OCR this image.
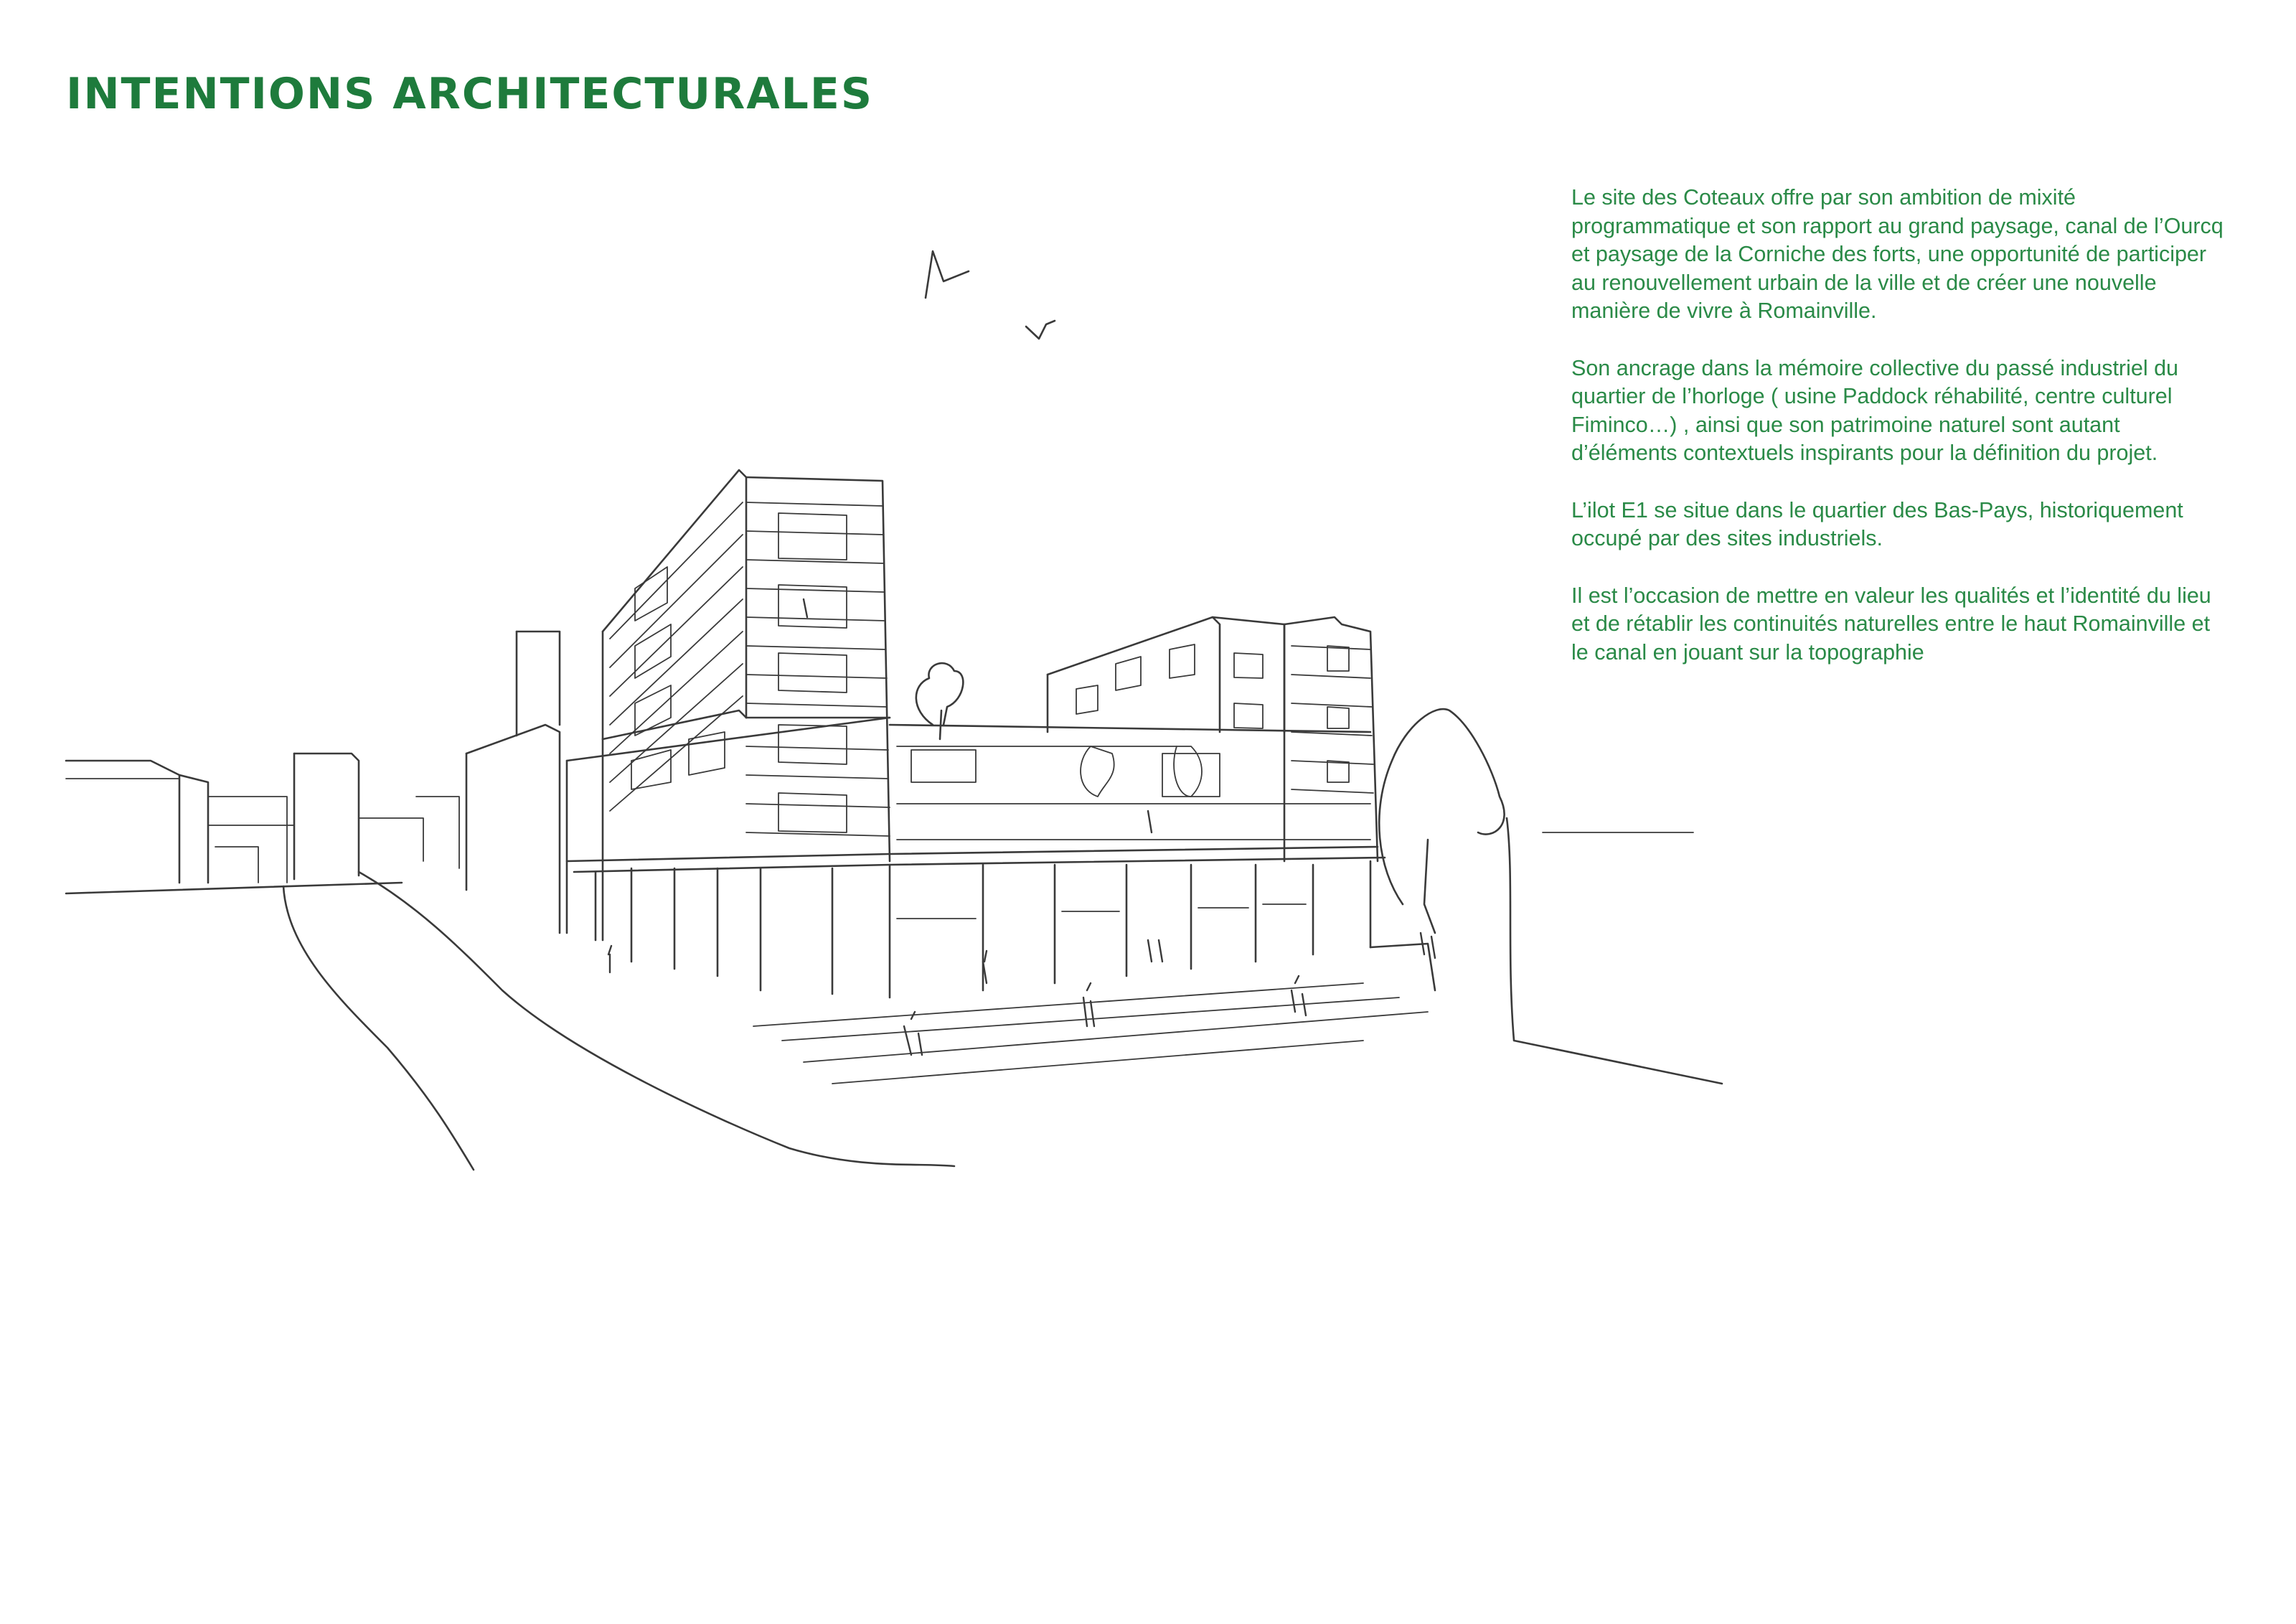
INTENTIONS ARCHITECTURALES

Le site des Coteaux offre par son ambition de mixité programmatique et son rapport au grand paysage, canal de l’Ourcq et paysage de la Corniche des forts, une opportunité de participer au renouvellement urbain de la ville et de créer une nouvelle manière de vivre à Romainville.

Son ancrage dans la mémoire collective du passé industriel du quartier de l’horloge ( usine Paddock réhabilité, centre culturel Fiminco…) , ainsi que son patrimoine naturel sont autant d’éléments contextuels inspirants pour la définition du projet.

L’ilot E1 se situe dans le quartier des Bas-Pays, historiquement occupé par des sites industriels.

Il est l’occasion de mettre en valeur les qualités et l’identité du lieu et de rétablir les continuités naturelles entre le haut Romainville et le canal en jouant sur la topographie
